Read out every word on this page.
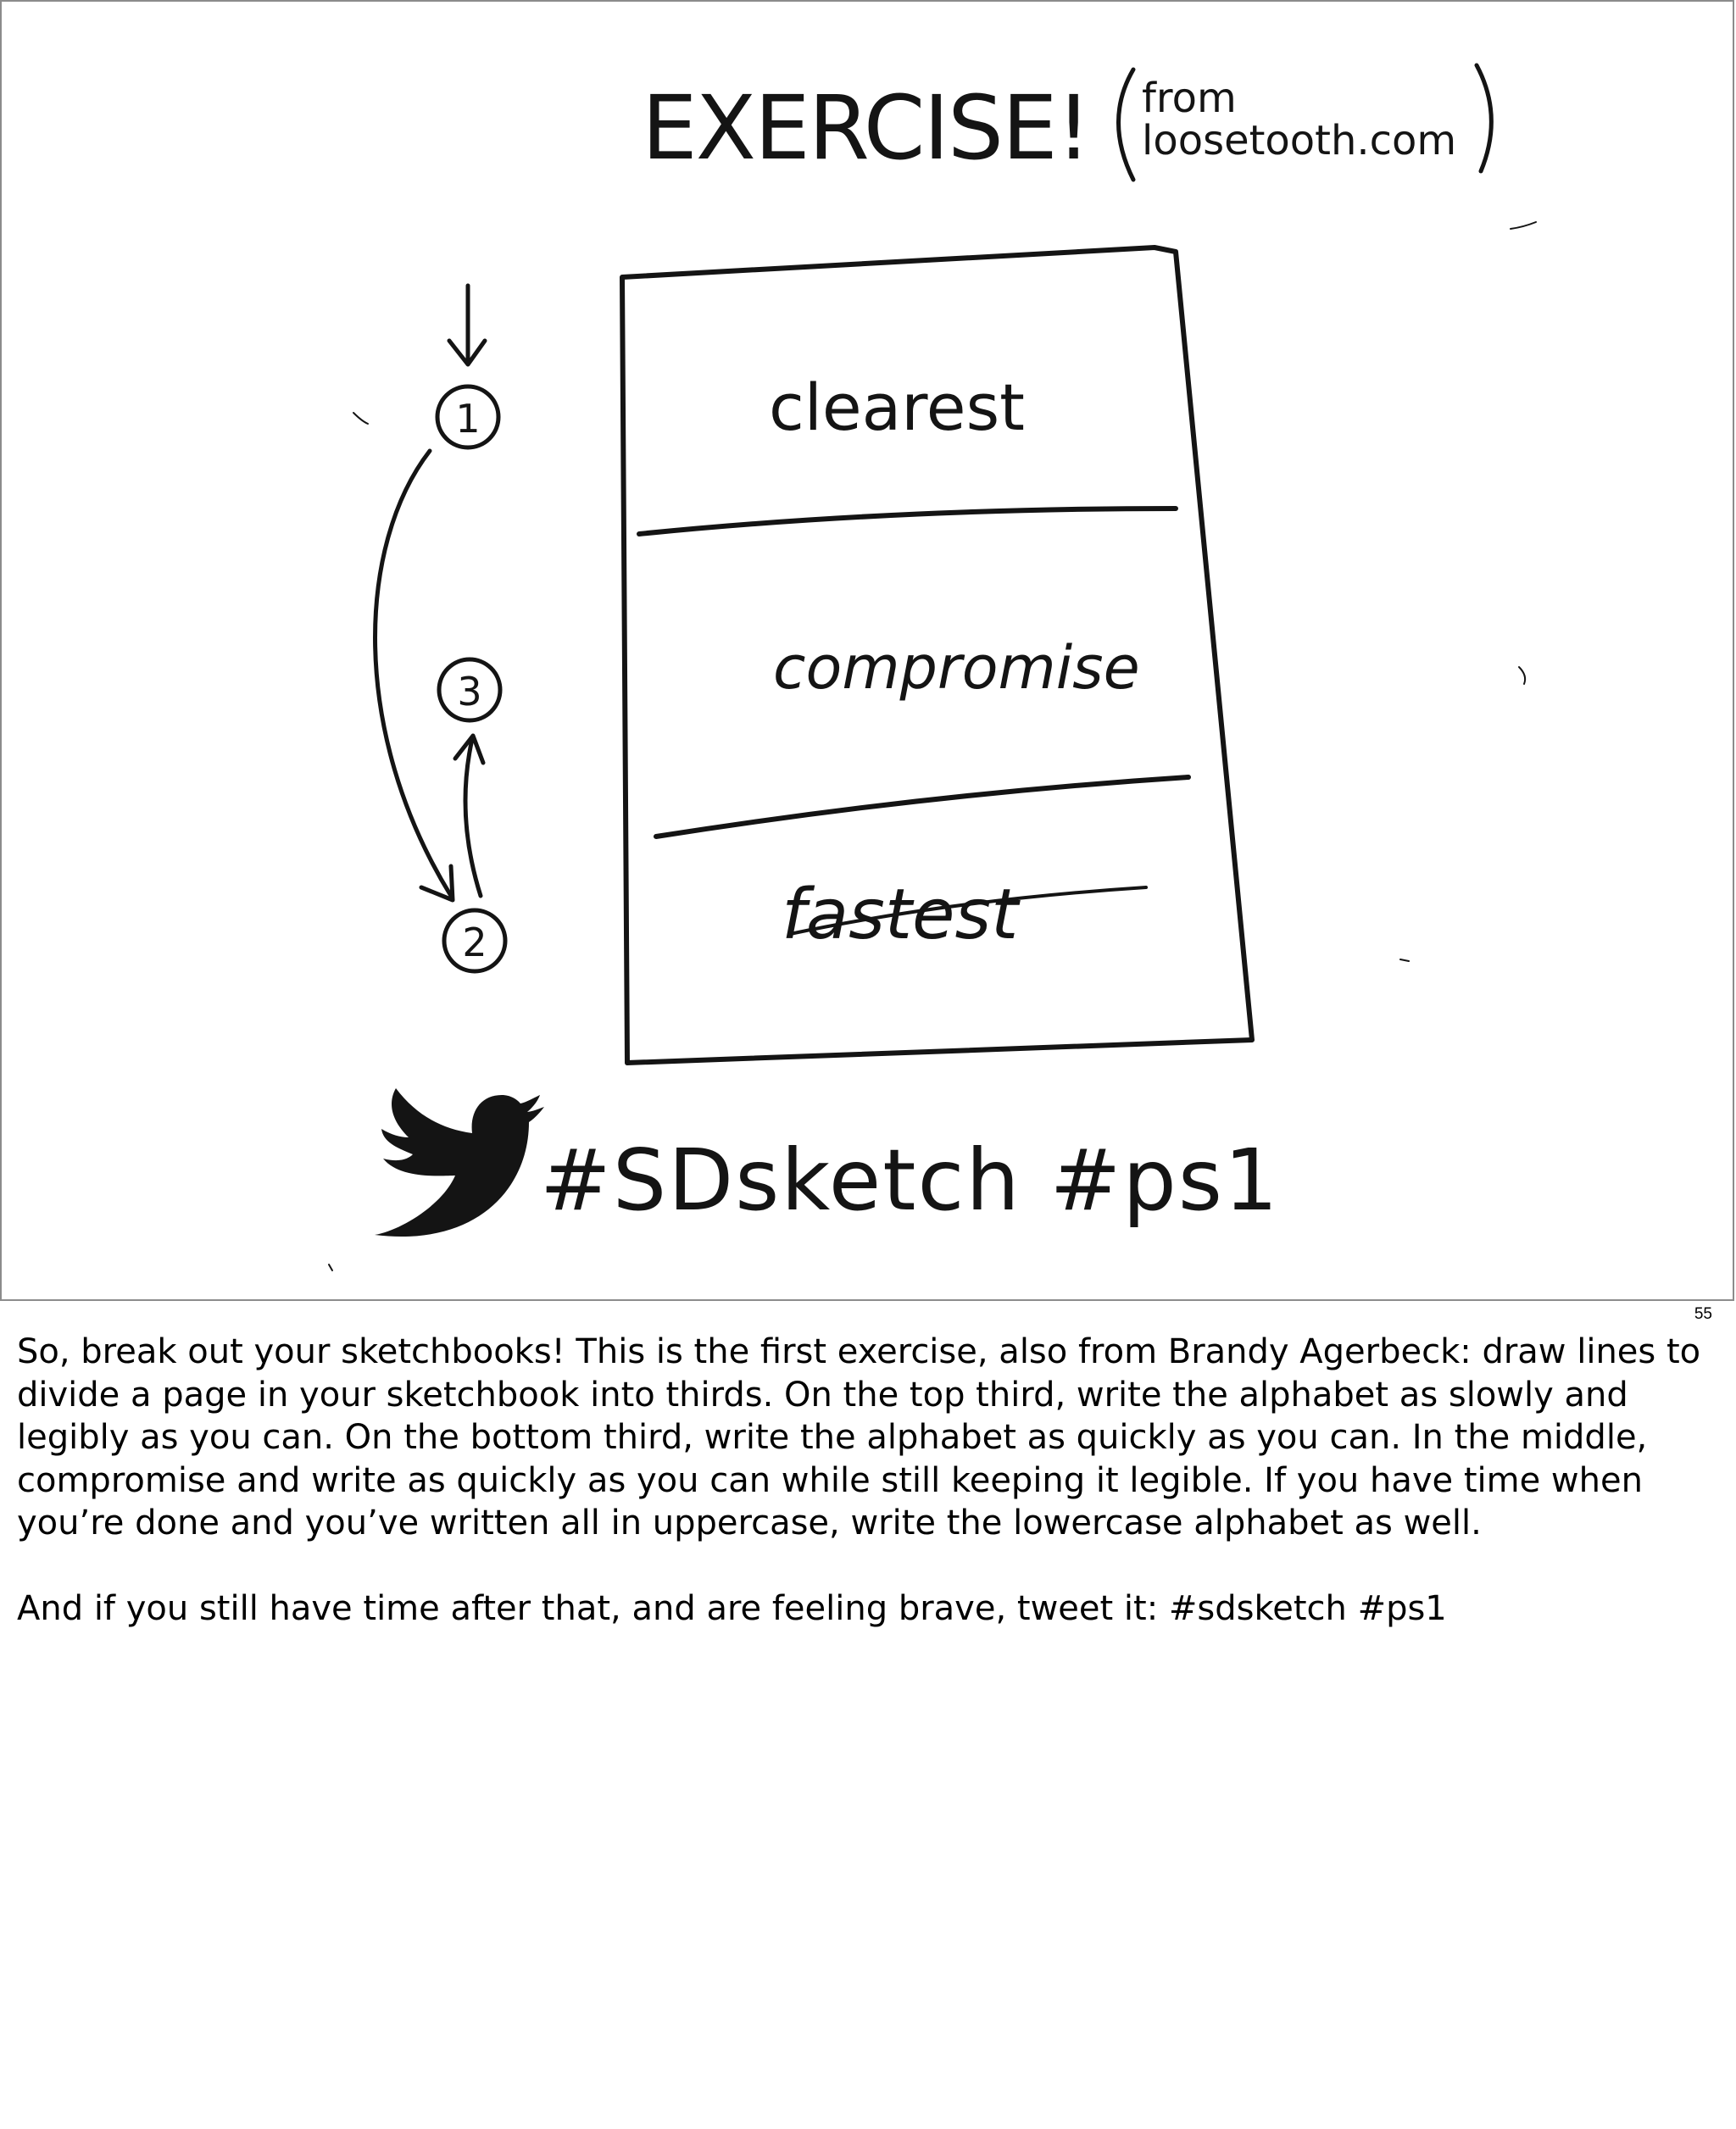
EXERCISE! from
loosetooth.com
1
3
2
clearest
compromise
fastest
#SDsketch #ps1
55

So, break out your sketchbooks! This is the first exercise, also from Brandy Agerbeck: draw lines to divide a page in your sketchbook into thirds. On the top third, write the alphabet as slowly and legibly as you can. On the bottom third, write the alphabet as quickly as you can. In the middle, compromise and write as quickly as you can while still keeping it legible. If you have time when you’re done and you’ve written all in uppercase, write the lowercase alphabet as well.

And if you still have time after that, and are feeling brave, tweet it: #sdsketch #ps1
